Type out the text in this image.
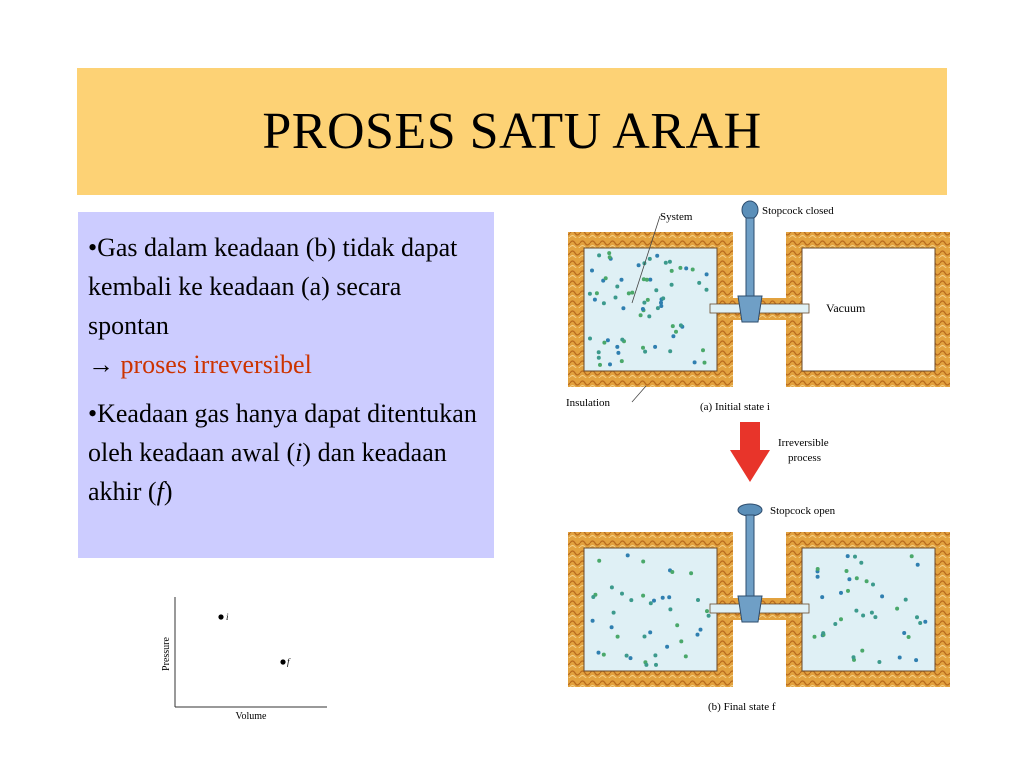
PROSES SATU ARAH

•Gas dalam keadaan (b) tidak dapat kembali ke keadaan (a) secara spontan
→ proses irreversibel

•Keadaan gas hanya dapat ditentukan oleh keadaan awal (i) dan keadaan akhir (f)

Pressure
Volume
i
f
System	Stopcock closed
Vacuum
Insulation	(a) Initial state i
Irreversible
process
Stopcock open
(b) Final state f
